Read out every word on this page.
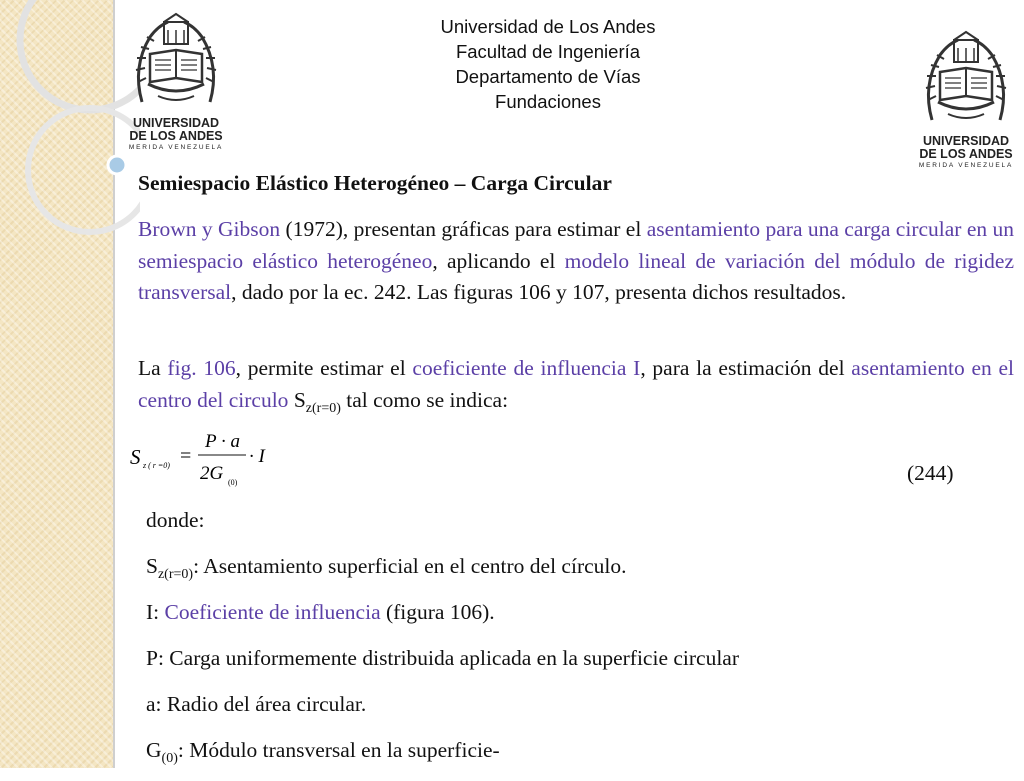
UNIVERSIDAD
DE LOS ANDES
MERIDA VENEZUELA	UNIVERSIDAD
DE LOS ANDES
MERIDA VENEZUELA
Universidad de Los Andes
Facultad de Ingeniería
Departamento de Vías
Fundaciones
Semiespacio Elástico Heterogéneo – Carga Circular
Brown y Gibson (1972), presentan gráficas para estimar el asentamiento para una carga circular en un semiespacio elástico heterogéneo, aplicando el modelo lineal de variación del módulo de rigidez transversal, dado por la ec. 242. Las figuras 106 y 107, presenta dichos resultados.
La fig. 106, permite estimar el coeficiente de influencia I, para la estimación del asentamiento en el centro del circulo $S_{z(r=0)}$ tal como se indica:
S z ( r =0) =
P · a
2G (0)
· I
(244)
donde:
$S_{z(r=0)}$: Asentamiento superficial en el centro del círculo.
I: Coeficiente de influencia (figura 106).
P: Carga uniformemente distribuida aplicada en la superficie circular
a: Radio del área circular.
$G_{(0)}$: Módulo transversal en la superficie-
